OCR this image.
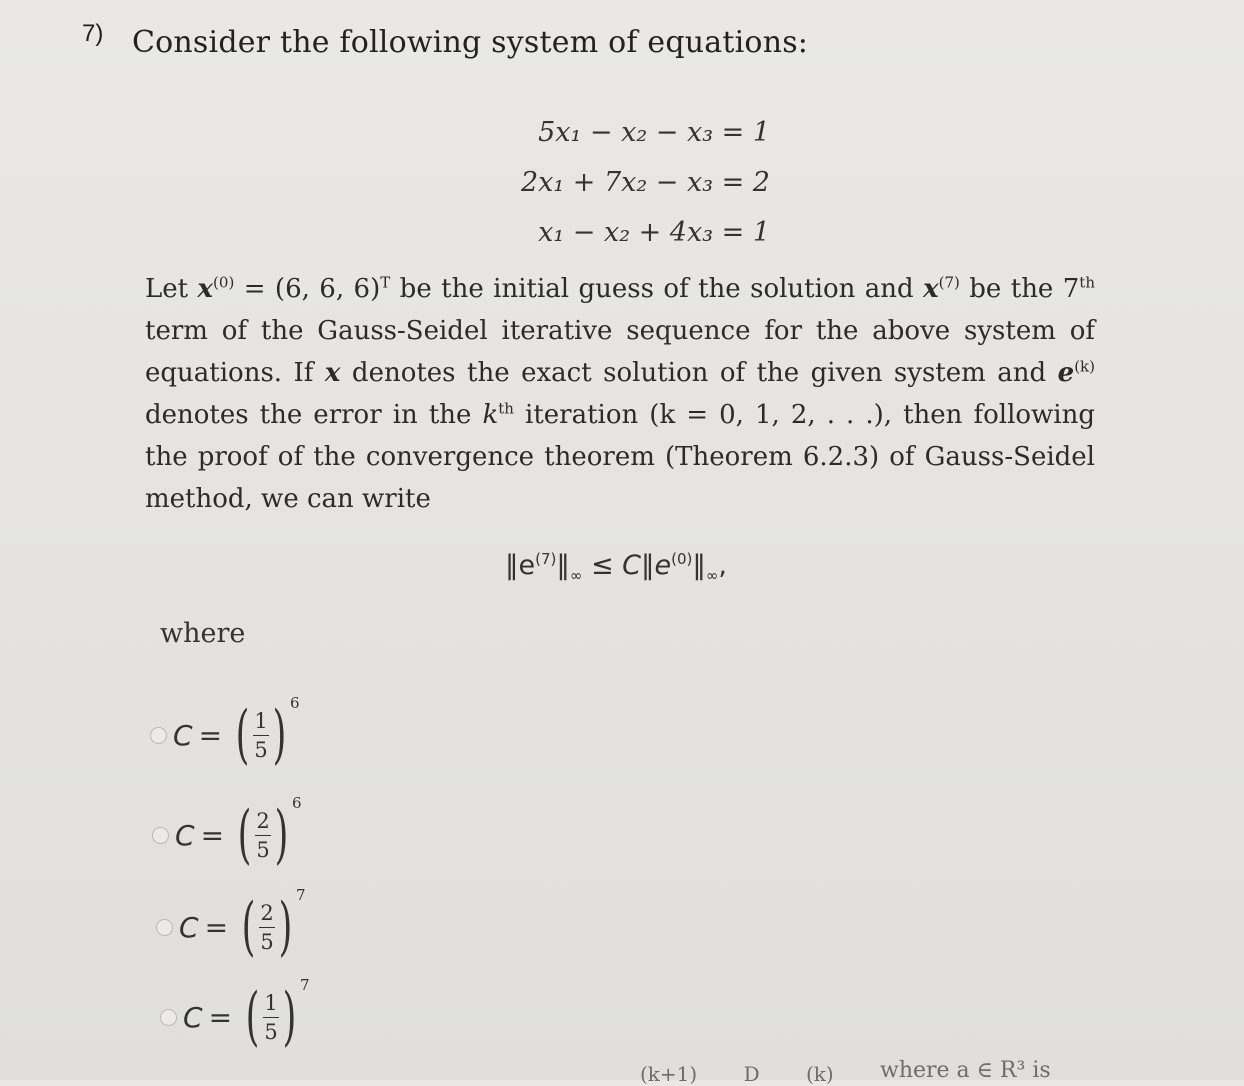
7) Consider the following system of equations:
5x₁ − x₂ − x₃ = 1
2x₁ + 7x₂ − x₃ = 2
x₁ − x₂ + 4x₃ = 1
Let $x^{(0)} = (6$, 6, 6)$^T$ be the initial guess of the solution and $x^{(7)}$ be the 7th term of the Gauss-Seidel iterative sequence for the above system of equations. If x denotes the exact solution of the given system and $e^{(k)}$ denotes the error in the $k^{th}$ iteration (k = 0, 1, 2, . . .), then following the proof of the convergence theorem (Theorem 6.2.3) of Gauss-Seidel method, we can write
$‖e^{(7)}‖_\infty$ ≤ $C‖e^{(0)}‖_\infty$,
where
C = ( $\frac{1}{5}$ ) 6
C = ( $\frac{2}{5}$ ) 6
C = ( $\frac{2}{5}$ ) 7
C = ( $\frac{1}{5}$ ) 7
(k+1) D (k) where a ∈ R³ is
